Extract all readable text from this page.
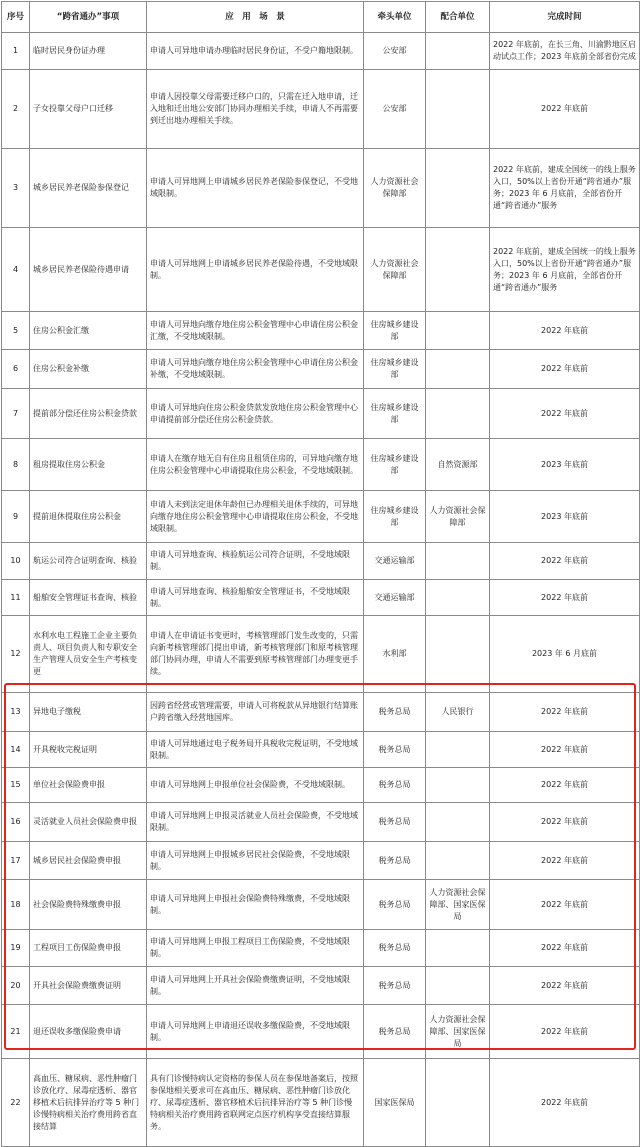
序号	“跨省通办”事项	应　用　场　景	牵头单位	配合单位	完成时间
1	临时居民身份证办理	申请人可异地申请办理临时居民身份证，不受户籍地限制。	公安部		2022 年底前，在长三角、川渝黔地区启动试点工作；2023 年底前全部省份完成
2	子女投靠父母户口迁移	申请人因投靠父母需要迁移户口的，只需在迁入地申请，迁入地和迁出地公安部门协同办理相关手续，申请人不再需要到迁出地办理相关手续。	公安部		2022 年底前
3	城乡居民养老保险参保登记	申请人可异地网上申请城乡居民养老保险参保登记，不受地域限制。	人力资源社会保障部		2022 年底前，建成全国统一的线上服务入口，50%以上省份开通“跨省通办”服务；2023 年 6 月底前，全部省份开通“跨省通办”服务
4	城乡居民养老保险待遇申请	申请人可异地网上申请城乡居民养老保险待遇，不受地域限制。	人力资源社会保障部		2022 年底前，建成全国统一的线上服务入口，50%以上省份开通“跨省通办”服务；2023 年 6 月底前，全部省份开通“跨省通办”服务
5	住房公积金汇缴	申请人可异地向缴存地住房公积金管理中心申请住房公积金汇缴，不受地域限制。	住房城乡建设部		2022 年底前
6	住房公积金补缴	申请人可异地向缴存地住房公积金管理中心申请住房公积金补缴，不受地域限制。	住房城乡建设部		2022 年底前
7	提前部分偿还住房公积金贷款	申请人可异地向住房公积金贷款发放地住房公积金管理中心申请提前部分偿还住房公积金贷款。	住房城乡建设部		2022 年底前
8	租房提取住房公积金	申请人在缴存地无自有住房且租赁住房的，可异地向缴存地住房公积金管理中心申请提取住房公积金，不受地域限制。	住房城乡建设部	自然资源部	2023 年底前
9	提前退休提取住房公积金	申请人未到法定退休年龄但已办理相关退休手续的，可异地向缴存地住房公积金管理中心申请提取住房公积金，不受地域限制。	住房城乡建设部	人力资源社会保障部	2023 年底前
10	航运公司符合证明查询、核验	申请人可异地查询、核验航运公司符合证明，不受地域限制。	交通运输部		2022 年底前
11	船舶安全管理证书查询、核验	申请人可异地查询、核验船舶安全管理证书，不受地域限制。	交通运输部		2022 年底前
12	水利水电工程施工企业主要负责人、项目负责人和专职安全生产管理人员安全生产考核变更	申请人在申请证书变更时，考核管理部门发生改变的，只需向新考核管理部门提出申请，新考核管理部门和原考核管理部门协同办理，申请人不需要到原考核管理部门办理变更手续。	水利部		2023 年 6 月底前
13	异地电子缴税	因跨省经营或管理需要，申请人可将税款从异地银行结算账户跨省缴入经营地国库。	税务总局	人民银行	2022 年底前
14	开具税收完税证明	申请人可异地通过电子税务局开具税收完税证明，不受地域限制。	税务总局		2022 年底前
15	单位社会保险费申报	申请人可异地网上申报单位社会保险费，不受地域限制。	税务总局		2022 年底前
16	灵活就业人员社会保险费申报	申请人可异地网上申报灵活就业人员社会保险费，不受地域限制。	税务总局		2022 年底前
17	城乡居民社会保险费申报	申请人可异地网上申报城乡居民社会保险费，不受地域限制。	税务总局		2022 年底前
18	社会保险费特殊缴费申报	申请人可异地网上申报社会保险费特殊缴费，不受地域限制。	税务总局	人力资源社会保障部、国家医保局	2022 年底前
19	工程项目工伤保险费申报	申请人可异地网上申报工程项目工伤保险费，不受地域限制。	税务总局		2022 年底前
20	开具社会保险费缴费证明	申请人可异地网上开具社会保险费缴费证明，不受地域限制。	税务总局		2022 年底前
21	退还误收多缴保险费申请	申请人可异地网上申请退还误收多缴保险费，不受地域限制。	税务总局	人力资源社会保障部、国家医保局	2022 年底前
22	高血压、糖尿病、恶性肿瘤门诊放化疗、尿毒症透析、器官移植术后抗排异治疗等 5 种门诊慢特病相关治疗费用跨省直接结算	具有门诊慢特病认定资格的参保人员在参保地备案后，按照参保地相关要求可在高血压、糖尿病、恶性肿瘤门诊放化疗、尿毒症透析、器官移植术后抗排异治疗等 5 种门诊慢特病相关治疗费用跨省联网定点医疗机构享受直接结算服务。	国家医保局		2022 年底前
